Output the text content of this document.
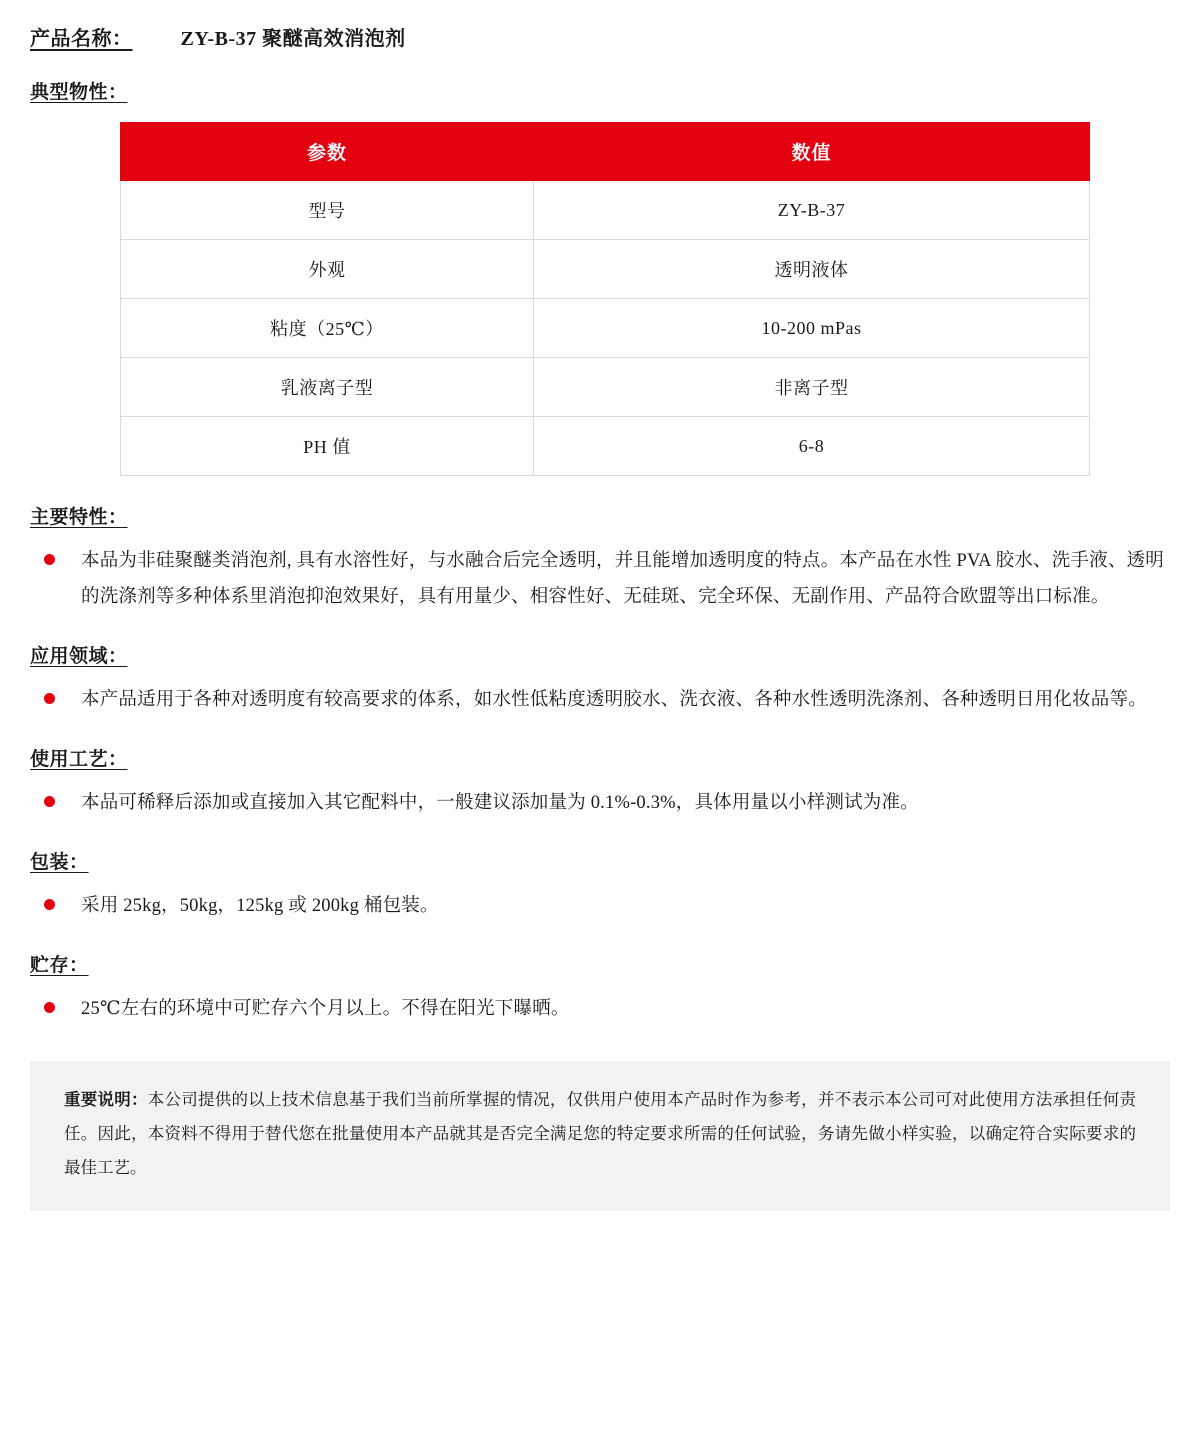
产品名称： ZY-B-37 聚醚高效消泡剂
典型物性：
参数	数值
型号	ZY-B-37
外观	透明液体
粘度（25℃）	10-200 mPas
乳液离子型	非离子型
PH 值	6-8
主要特性：
本品为非硅聚醚类消泡剂, 具有水溶性好，与水融合后完全透明，并且能增加透明度的特点。本产品在水性 PVA 胶水、洗手液、透明的洗涤剂等多种体系里消泡抑泡效果好，具有用量少、相容性好、无硅斑、完全环保、无副作用、产品符合欧盟等出口标准。
应用领域：
本产品适用于各种对透明度有较高要求的体系，如水性低粘度透明胶水、洗衣液、各种水性透明洗涤剂、各种透明日用化妆品等。
使用工艺：
本品可稀释后添加或直接加入其它配料中，一般建议添加量为 0.1%-0.3%，具体用量以小样测试为准。
包装：
采用 25kg，50kg，125kg 或 200kg 桶包装。
贮存：
25℃左右的环境中可贮存六个月以上。不得在阳光下曝晒。

重要说明：本公司提供的以上技术信息基于我们当前所掌握的情况，仅供用户使用本产品时作为参考，并不表示本公司可对此使用方法承担任何责任。因此，本资料不得用于替代您在批量使用本产品就其是否完全满足您的特定要求所需的任何试验，务请先做小样实验，以确定符合实际要求的最佳工艺。
